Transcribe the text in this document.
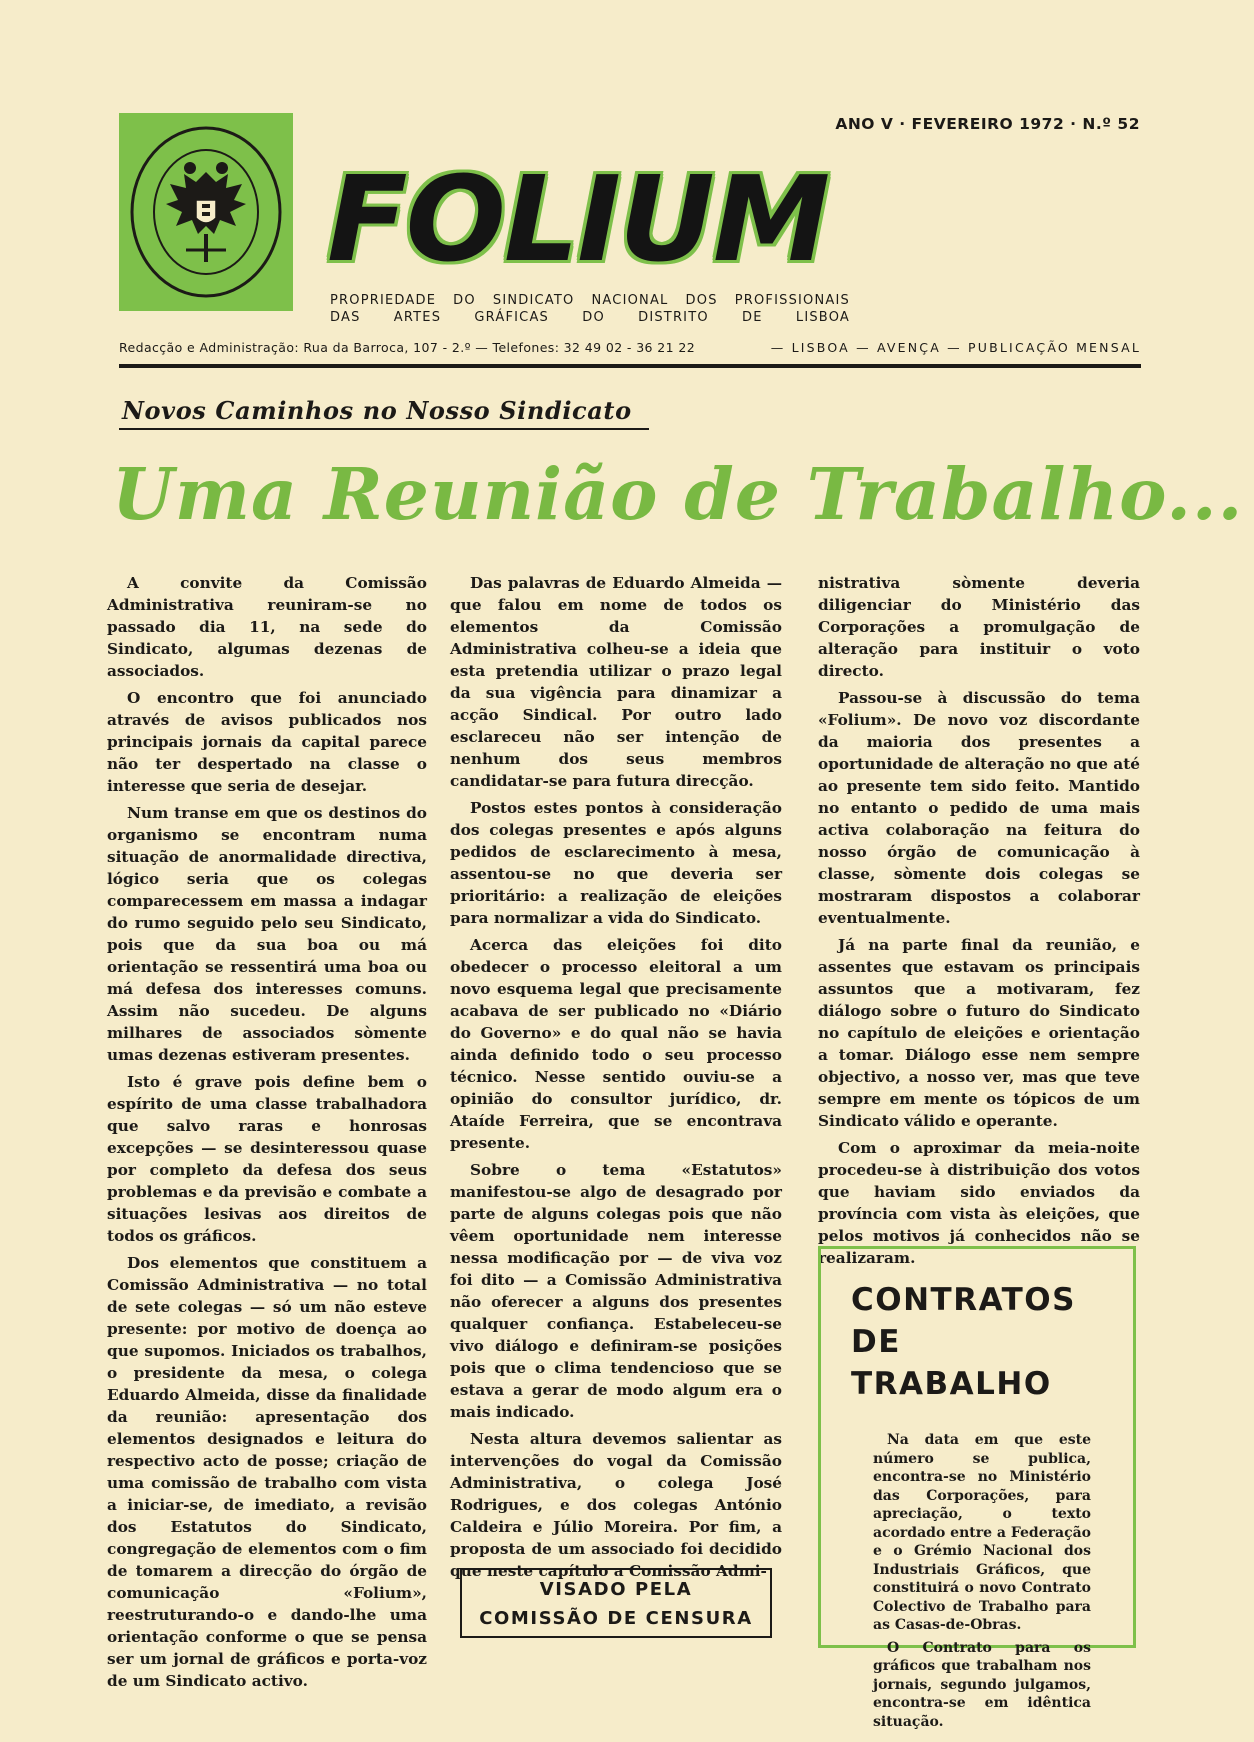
ANO V · FEVEREIRO 1972 · N.º 52
FOLIUM
PROPRIEDADE DO SINDICATO NACIONAL DOS PROFISSIONAIS
DAS ARTES GRÁFICAS DO DISTRITO DE LISBOA
Redacção e Administração: Rua da Barroca, 107 - 2.º — Telefones: 32 49 02 - 36 21 22	— LISBOA — AVENÇA — PUBLICAÇÃO MENSAL
Novos Caminhos no Nosso Sindicato
Uma Reunião de Trabalho...

A convite da Comissão Administrativa reuniram-se no passado dia 11, na sede do Sindicato, algumas dezenas de associados.

O encontro que foi anunciado através de avisos publicados nos principais jornais da capital parece não ter despertado na classe o interesse que seria de desejar.

Num transe em que os destinos do organismo se encontram numa situação de anormalidade directiva, lógico seria que os colegas comparecessem em massa a indagar do rumo seguido pelo seu Sindicato, pois que da sua boa ou má orientação se ressentirá uma boa ou má defesa dos interesses comuns. Assim não sucedeu. De alguns milhares de associados sòmente umas dezenas estiveram presentes.

Isto é grave pois define bem o espírito de uma classe trabalhadora que salvo raras e honrosas excepções — se desinteressou quase por completo da defesa dos seus problemas e da previsão e combate a situações lesivas aos direitos de todos os gráficos.

Dos elementos que constituem a Comissão Administrativa — no total de sete colegas — só um não esteve presente: por motivo de doença ao que supomos. Iniciados os trabalhos, o presidente da mesa, o colega Eduardo Almeida, disse da finalidade da reunião: apresentação dos elementos designados e leitura do respectivo acto de posse; criação de uma comissão de trabalho com vista a iniciar-se, de imediato, a revisão dos Estatutos do Sindicato, congregação de elementos com o fim de tomarem a direcção do órgão de comunicação «Folium», reestruturando-o e dando-lhe uma orientação conforme o que se pensa ser um jornal de gráficos e porta-voz de um Sindicato activo.

Das palavras de Eduardo Almeida — que falou em nome de todos os elementos da Comissão Administrativa colheu-se a ideia que esta pretendia utilizar o prazo legal da sua vigência para dinamizar a acção Sindical. Por outro lado esclareceu não ser intenção de nenhum dos seus membros candidatar-se para futura direcção.

Postos estes pontos à consideração dos colegas presentes e após alguns pedidos de esclarecimento à mesa, assentou-se no que deveria ser prioritário: a realização de eleições para normalizar a vida do Sindicato.

Acerca das eleições foi dito obedecer o processo eleitoral a um novo esquema legal que precisamente acabava de ser publicado no «Diário do Governo» e do qual não se havia ainda definido todo o seu processo técnico. Nesse sentido ouviu-se a opinião do consultor jurídico, dr. Ataíde Ferreira, que se encontrava presente.

Sobre o tema «Estatutos» manifestou-se algo de desagrado por parte de alguns colegas pois que não vêem oportunidade nem interesse nessa modificação por — de viva voz foi dito — a Comissão Administrativa não oferecer a alguns dos presentes qualquer confiança. Estabeleceu-se vivo diálogo e definiram-se posições pois que o clima tendencioso que se estava a gerar de modo algum era o mais indicado.

Nesta altura devemos salientar as intervenções do vogal da Comissão Administrativa, o colega José Rodrigues, e dos colegas António Caldeira e Júlio Moreira. Por fim, a proposta de um associado foi decidido que neste capítulo a Comissão Admi-

nistrativa sòmente deveria diligenciar do Ministério das Corporações a promulgação de alteração para instituir o voto directo.

Passou-se à discussão do tema «Folium». De novo voz discordante da maioria dos presentes a oportunidade de alteração no que até ao presente tem sido feito. Mantido no entanto o pedido de uma mais activa colaboração na feitura do nosso órgão de comunicação à classe, sòmente dois colegas se mostraram dispostos a colaborar eventualmente.

Já na parte final da reunião, e assentes que estavam os principais assuntos que a motivaram, fez diálogo sobre o futuro do Sindicato no capítulo de eleições e orientação a tomar. Diálogo esse nem sempre objectivo, a nosso ver, mas que teve sempre em mente os tópicos de um Sindicato válido e operante.

Com o aproximar da meia-noite procedeu-se à distribuição dos votos que haviam sido enviados da província com vista às eleições, que pelos motivos já conhecidos não se realizaram.

VISADO PELA
COMISSÃO DE CENSURA
CONTRATOS
DE TRABALHO

Na data em que este número se publica, encontra-se no Ministério das Corporações, para apreciação, o texto acordado entre a Federação e o Grémio Nacional dos Industriais Gráficos, que constituirá o novo Contrato Colectivo de Trabalho para as Casas-de-Obras.

O Contrato para os gráficos que trabalham nos jornais, segundo julgamos, encontra-se em idêntica situação.
